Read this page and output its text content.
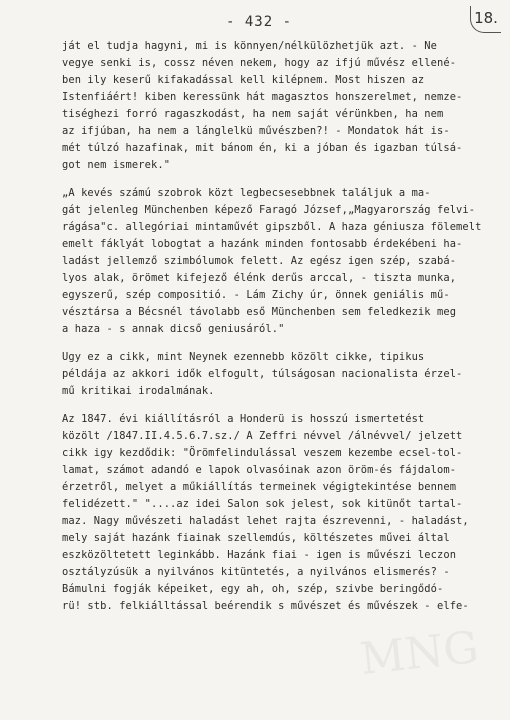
- 432 -	18.
ját el tudja hagyni, mi is könnyen/nélkülözhetjük azt. - Ne
vegye senki is, cossz néven nekem, hogy az ifjú művész ellené-
ben ily keserű kifakadással kell kilépnem. Most hiszen az
Istenfiáért! kiben keressünk hát magasztos honszerelmet, nemze-
tiséghezi forró ragaszkodást, ha nem saját vérünkben, ha nem
az ifjúban, ha nem a lánglelkü művészben?! - Mondatok hát is-
mét túlzó hazafinak, mit bánom én, ki a jóban és igazban túlsá-
got nem ismerek."
„A kevés számú szobrok közt legbecsesebbnek találjuk a ma-
gát jelenleg Münchenben képező Faragó József,„Magyarország felvi-
rágása"c. allegóriai mintaművét gipszből. A haza géniusza fölemelt
emelt fáklyát lobogtat a hazánk minden fontosabb érdekébeni ha-
ladást jellemző szimbólumok felett. Az egész igen szép, szabá-
lyos alak, örömet kifejező élénk derűs arccal, - tiszta munka,
egyszerű, szép compositió. - Lám Zichy úr, önnek geniális mű-
vésztársa a Bécsnél távolabb eső Münchenben sem feledkezik meg
a haza - s annak dicső geniusáról."
Ugy ez a cikk, mint Neynek ezennebb közölt cikke, tipikus
példája az akkori idők elfogult, túlságosan nacionalista érzel-
mű kritikai irodalmának.
Az 1847. évi kiállításról a Honderü is hosszú ismertetést
közölt /1847.II.4.5.6.7.sz./ A Zeffri névvel /álnévvel/ jelzett
cikk igy kezdődik: "Örömfelindulással veszem kezembe ecsel-tol-
lamat, számot adandó e lapok olvasóinak azon öröm-és fájdalom-
érzetről, melyet a műkiállítás termeinek végigtekintése bennem
felidézett." "....az idei Salon sok jelest, sok kitünőt tartal-
maz. Nagy művészeti haladást lehet rajta észrevenni, - haladást,
mely saját hazánk fiainak szellemdús, költészetes művei által
eszközöltetett leginkább. Hazánk fiai - igen is művészi leczon
osztályzúsük a nyilvános kitüntetés, a nyilvános elismerés? -
Bámulni fogják képeiket, egy ah, oh, szép, szivbe beringődó-
rü! stb. felkiálltással beérendik s művészet és művészek - elfe-
MNG
